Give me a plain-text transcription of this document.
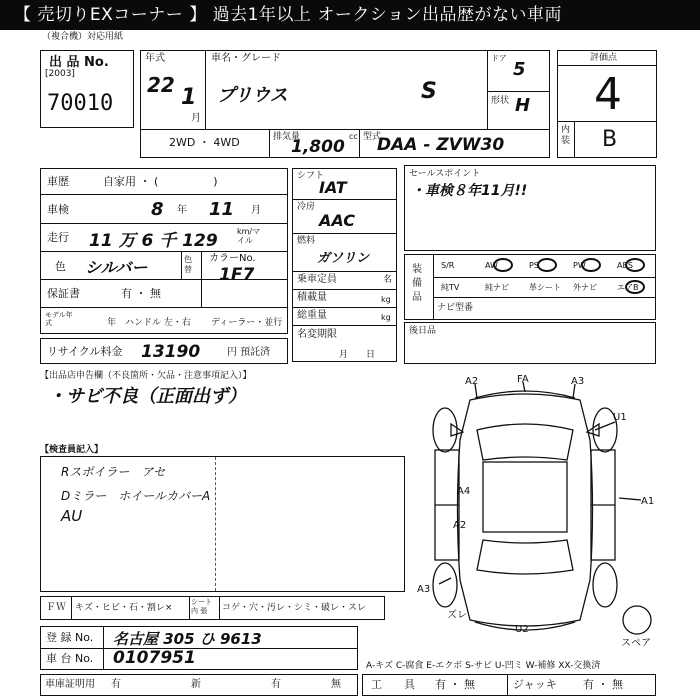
【 売切りEXコーナー 】 過去1年以上 オークション出品歴がない車両
（複合機）対応用紙
出 品 No.
[2003]
70010
年式
22 1
月
車名・グレード
プリウス	S
ドア
5
形状 H
2WD ・ 4WD	排気量
1,800
cc 型式
DAA - ZVW30
評価点
4
内装 B
車歴	自家用 ・ (　　　　　)
車検	8 年 11 月
走行 11 万 6 千 129 km/マイル
色 シルバー	色替
カラーNo.
1F7
保証書	有 ・ 無
モデル年式	年 ハンドル 左・右 ディーラー・並行
リサイクル料金 13190	円 預託済
シフト
IAT
冷房
AAC
燃料
ガソリン
乗車定員	名
積載量	kg
総重量	kg
名変期限
月日
セールスポイント
・車検８年11月!!
装備品
S/R	AW	PS	PW	ABS
純TV	純ナビ	革シート 外ナビ	エアB
ナビ型番
後日品
【出品店申告欄（不良箇所・欠品・注意事項記入）】
・サビ不良（正面出ず）
【検査員記入】
Rスポイラー　アセ
Dミラー　ホイールカバーA
AU
A2	FA	A3
U1
A4
A2
A1
A3
ズレ
U2
スペア
ＦＷ キズ・ヒビ・石・割レ×
シート内 張	コゲ・穴・汚レ・シミ・破レ・スレ
登 録 No. 名古屋 305 ひ 9613
車 台 No. 0107951
車庫証明用 有	新	有	無
A-キズ C-腐食 E-エクボ S-サビ U-凹ミ W-補修 XX-交換済
工　　具 有 ・ 無	ジャッキ 有 ・ 無
